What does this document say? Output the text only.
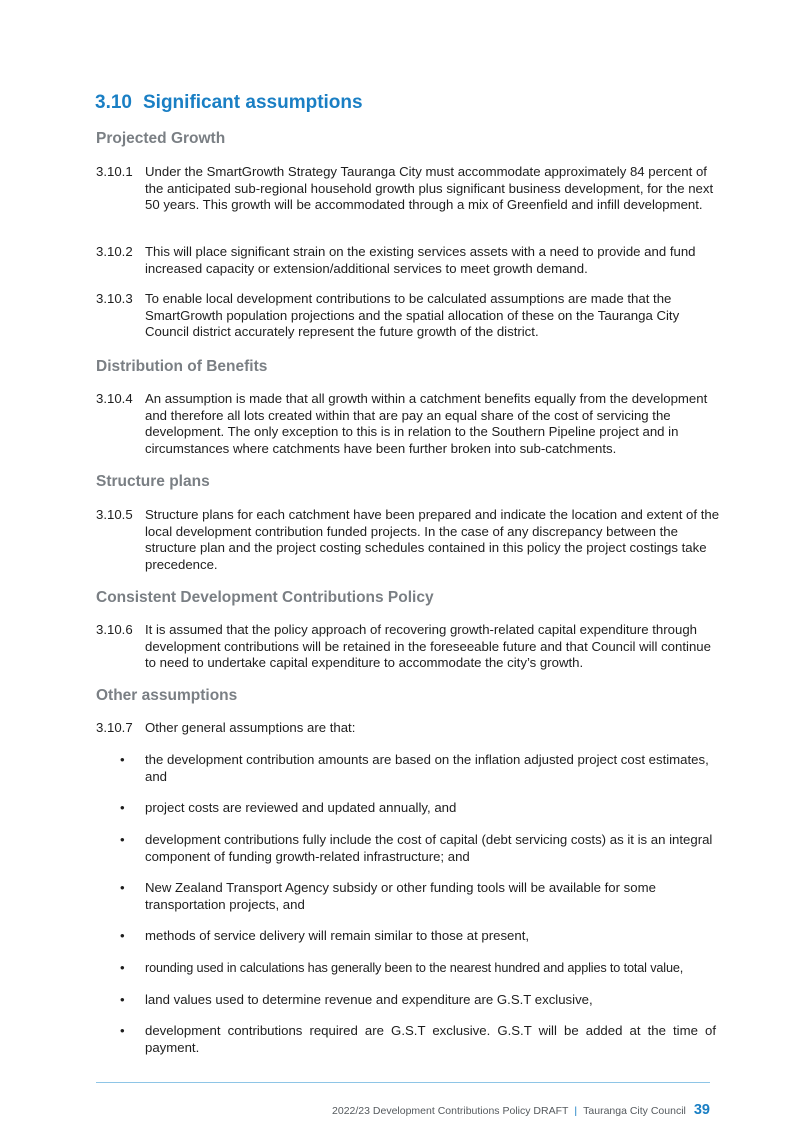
3.10 Significant assumptions
Projected Growth
3.10.1 Under the SmartGrowth Strategy Tauranga City must accommodate approximately 84 percent of the anticipated sub-regional household growth plus significant business development, for the next 50 years. This growth will be accommodated through a mix of Greenfield and infill development.
3.10.2 This will place significant strain on the existing services assets with a need to provide and fund increased capacity or extension/additional services to meet growth demand.
3.10.3 To enable local development contributions to be calculated assumptions are made that the SmartGrowth population projections and the spatial allocation of these on the Tauranga City Council district accurately represent the future growth of the district.
Distribution of Benefits
3.10.4 An assumption is made that all growth within a catchment benefits equally from the development and therefore all lots created within that are pay an equal share of the cost of servicing the development. The only exception to this is in relation to the Southern Pipeline project and in circumstances where catchments have been further broken into sub-catchments.
Structure plans
3.10.5 Structure plans for each catchment have been prepared and indicate the location and extent of the local development contribution funded projects. In the case of any discrepancy between the structure plan and the project costing schedules contained in this policy the project costings take precedence.
Consistent Development Contributions Policy
3.10.6 It is assumed that the policy approach of recovering growth-related capital expenditure through development contributions will be retained in the foreseeable future and that Council will continue to need to undertake capital expenditure to accommodate the city’s growth.
Other assumptions
3.10.7 Other general assumptions are that:
• the development contribution amounts are based on the inflation adjusted project cost estimates, and
• project costs are reviewed and updated annually, and
• development contributions fully include the cost of capital (debt servicing costs) as it is an integral component of funding growth-related infrastructure; and
• New Zealand Transport Agency subsidy or other funding tools will be available for some transportation projects, and
• methods of service delivery will remain similar to those at present,
• rounding used in calculations has generally been to the nearest hundred and applies to total value,
• land values used to determine revenue and expenditure are G.S.T exclusive,
• development contributions required are G.S.T exclusive. G.S.T will be added at the time of payment.
2022/23 Development Contributions Policy DRAFT | Tauranga City Council 39
